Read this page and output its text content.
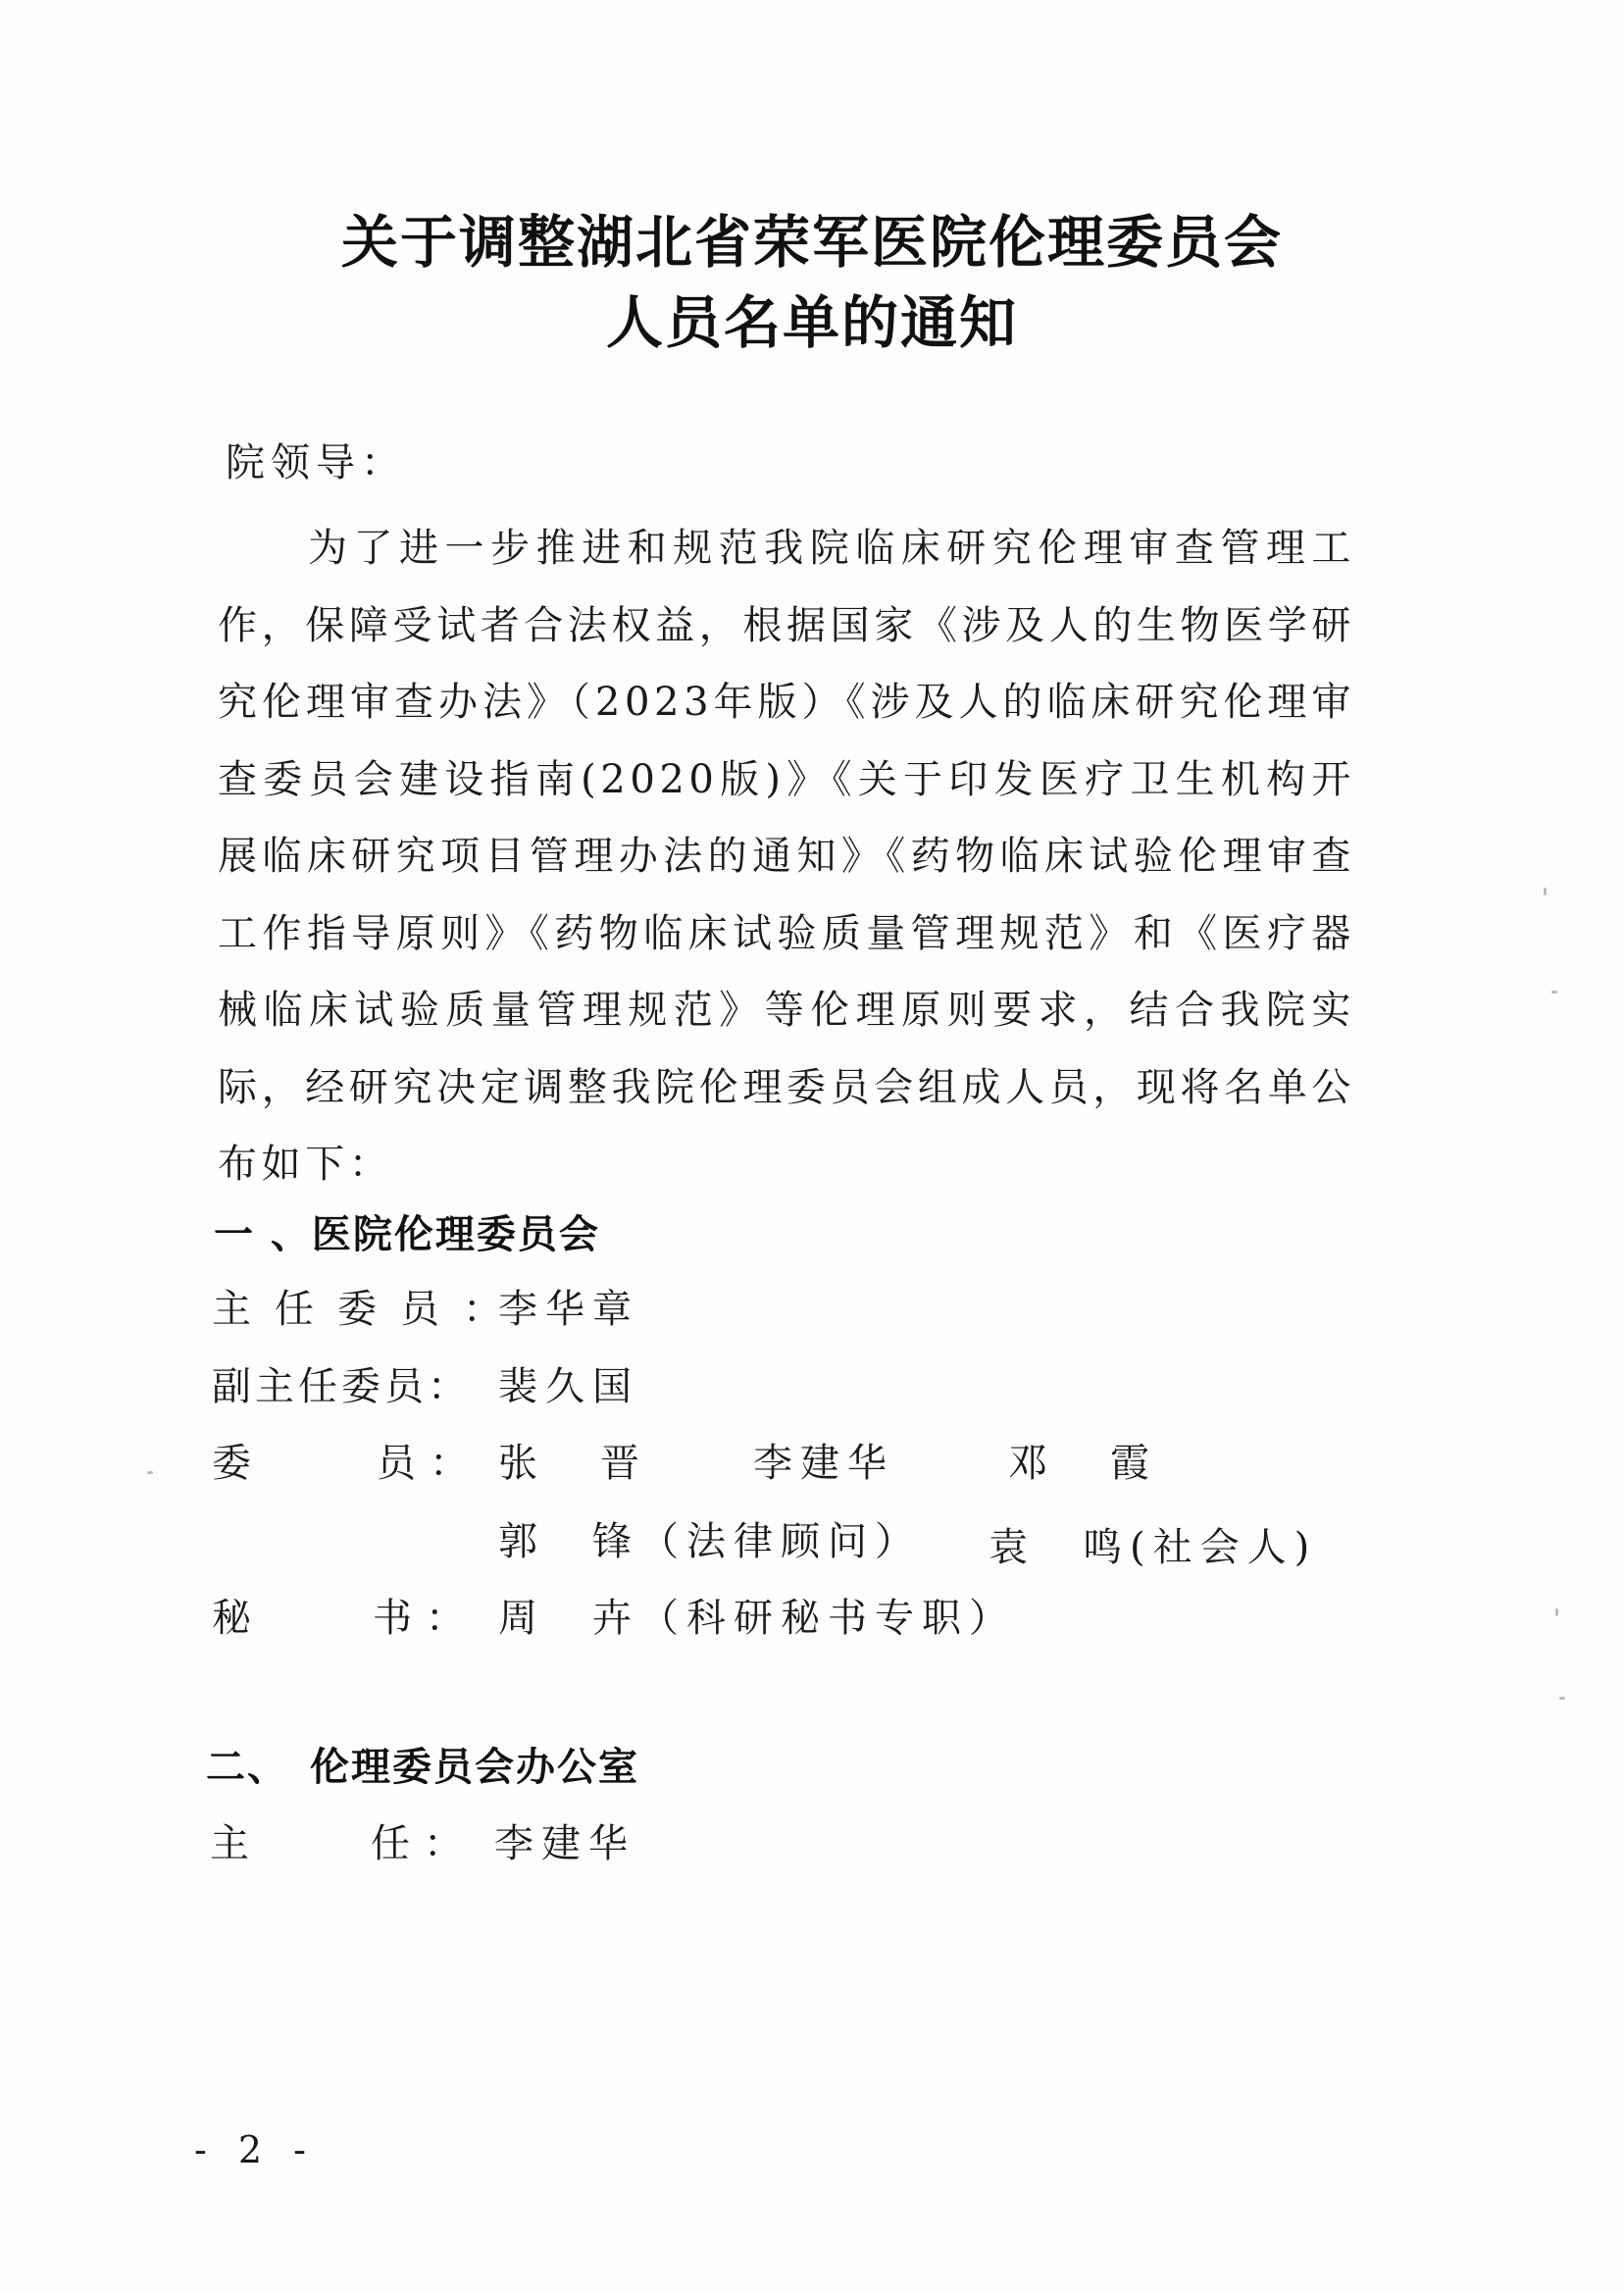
关于调整湖北省荣军医院伦理委员会
人员名单的通知
院领导：

为了进一步推进和规范我院临床研究伦理审查管理工作，保障受试者合法权益，根据国家《涉及人的生物医学研究伦理审查办法》（2023年版）《涉及人的临床研究伦理审查委员会建设指南(2020版)》《关于印发医疗卫生机构开展临床研究项目管理办法的通知》《药物临床试验伦理审查工作指导原则》《药物临床试验质量管理规范》和《医疗器械临床试验质量管理规范》等伦理原则要求，结合我院实际，经研究决定调整我院伦理委员会组成人员，现将名单公布如下：

一 、医院伦理委员会
主任委员：
李华章
副主任委员： 裴久国
委	员： 张　晋	李建华	邓　霞
郭　锋（法律顾问） 袁　鸣(社会人)
秘	书： 周　卉（科研秘书专职）
二、　伦理委员会办公室
主	任： 李建华
- 2 -
